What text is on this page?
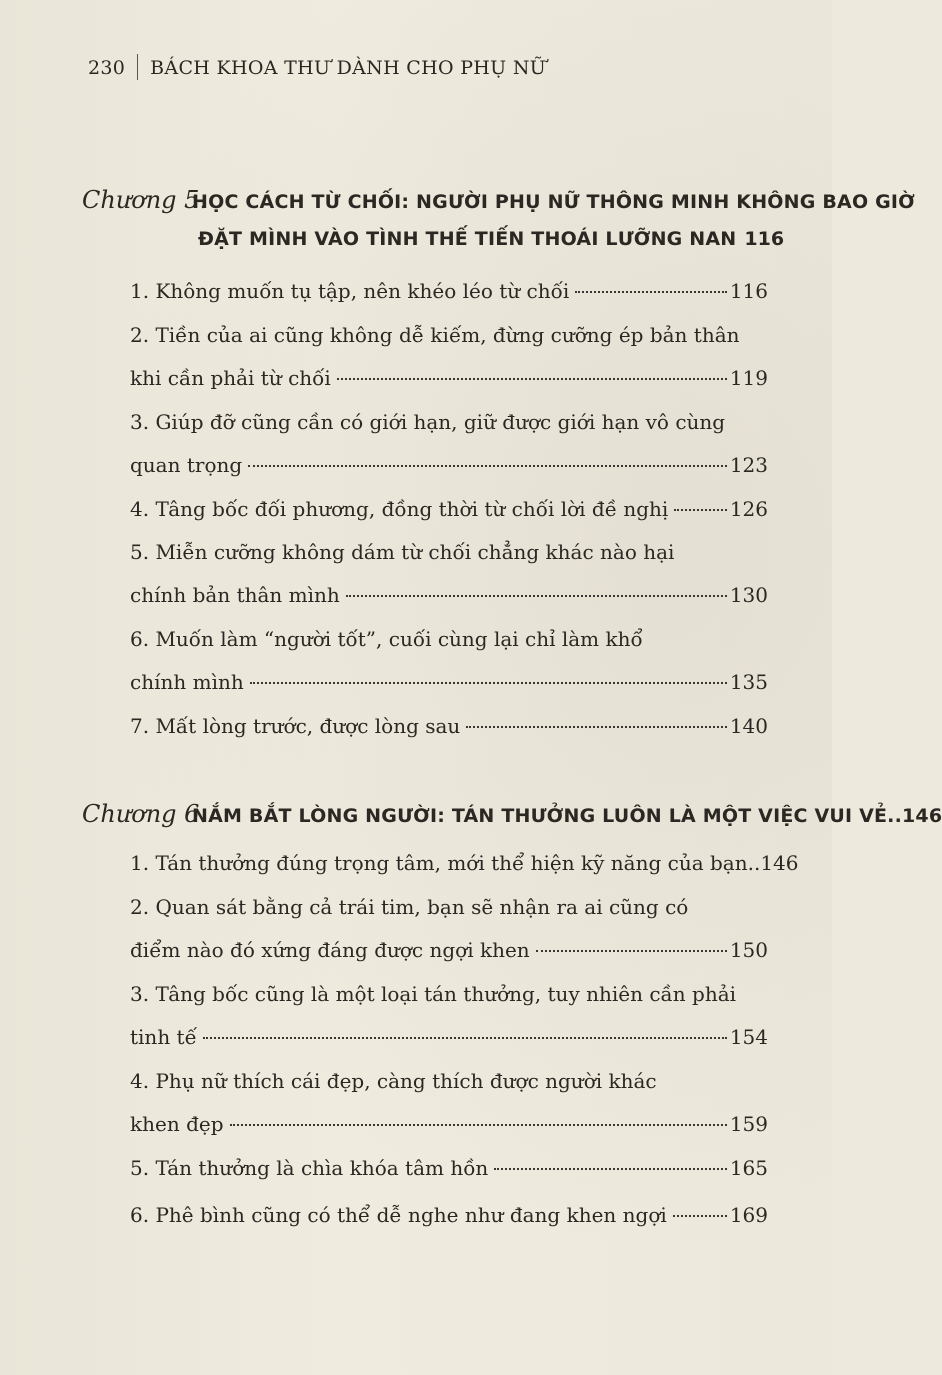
230 BÁCH KHOA THƯ DÀNH CHO PHỤ NỮ
Chương 5.HỌC CÁCH TỪ CHỐI: NGƯỜI PHỤ NỮ THÔNG MINH KHÔNG BAO GIỜ
ĐẶT MÌNH VÀO TÌNH THẾ TIẾN THOÁI LƯỠNG NAN 116
1. Không muốn tụ tập, nên khéo léo từ chối	116
2. Tiền của ai cũng không dễ kiếm, đừng cưỡng ép bản thân
khi cần phải từ chối	119
3. Giúp đỡ cũng cần có giới hạn, giữ được giới hạn vô cùng
quan trọng	123
4. Tâng bốc đối phương, đồng thời từ chối lời đề nghị	126
5. Miễn cưỡng không dám từ chối chẳng khác nào hại
chính bản thân mình	130
6. Muốn làm “người tốt”, cuối cùng lại chỉ làm khổ
chính mình	135
7. Mất lòng trước, được lòng sau	140
Chương 6.NẮM BẮT LÒNG NGƯỜI: TÁN THƯỞNG LUÔN LÀ MỘT VIỆC VUI VẺ..146
1. Tán thưởng đúng trọng tâm, mới thể hiện kỹ năng của bạn.. 146
2. Quan sát bằng cả trái tim, bạn sẽ nhận ra ai cũng có
điểm nào đó xứng đáng được ngợi khen	150
3. Tâng bốc cũng là một loại tán thưởng, tuy nhiên cần phải
tinh tế	154
4. Phụ nữ thích cái đẹp, càng thích được người khác
khen đẹp	159
5. Tán thưởng là chìa khóa tâm hồn	165
6. Phê bình cũng có thể dễ nghe như đang khen ngợi	169
